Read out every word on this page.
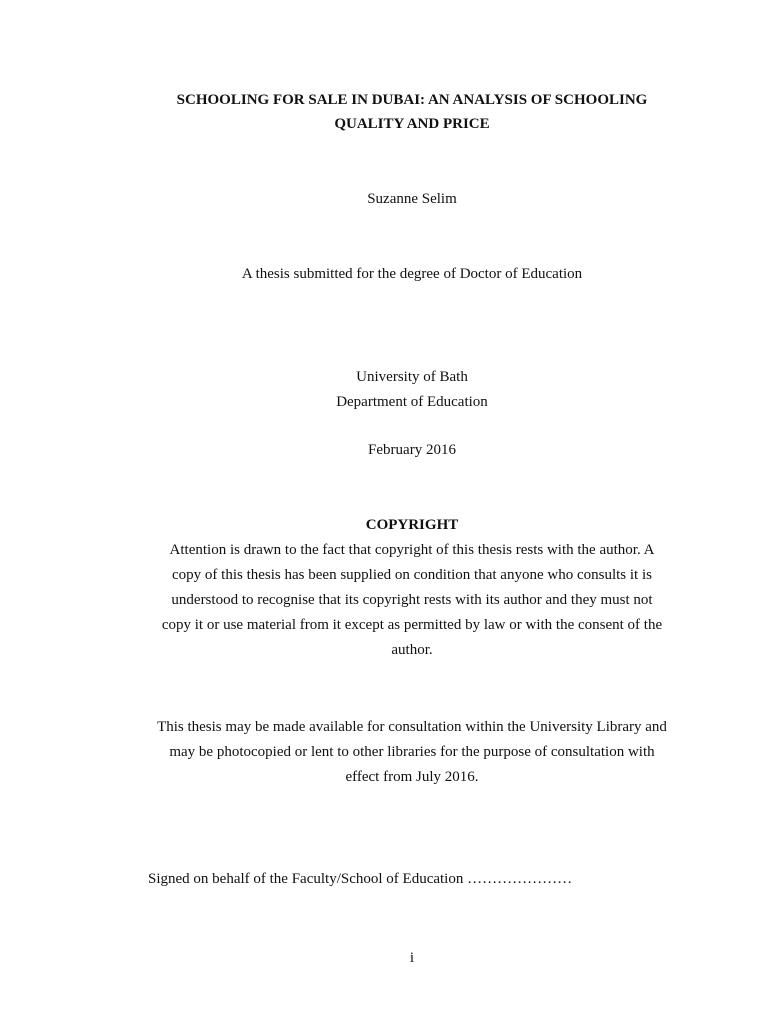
SCHOOLING FOR SALE IN DUBAI: AN ANALYSIS OF SCHOOLING
QUALITY AND PRICE
Suzanne Selim
A thesis submitted for the degree of Doctor of Education
University of Bath
Department of Education
February 2016
COPYRIGHT
Attention is drawn to the fact that copyright of this thesis rests with the author. A
copy of this thesis has been supplied on condition that anyone who consults it is
understood to recognise that its copyright rests with its author and they must not
copy it or use material from it except as permitted by law or with the consent of the
author.
This thesis may be made available for consultation within the University Library and
may be photocopied or lent to other libraries for the purpose of consultation with
effect from July 2016.
Signed on behalf of the Faculty/School of Education …………………
i
